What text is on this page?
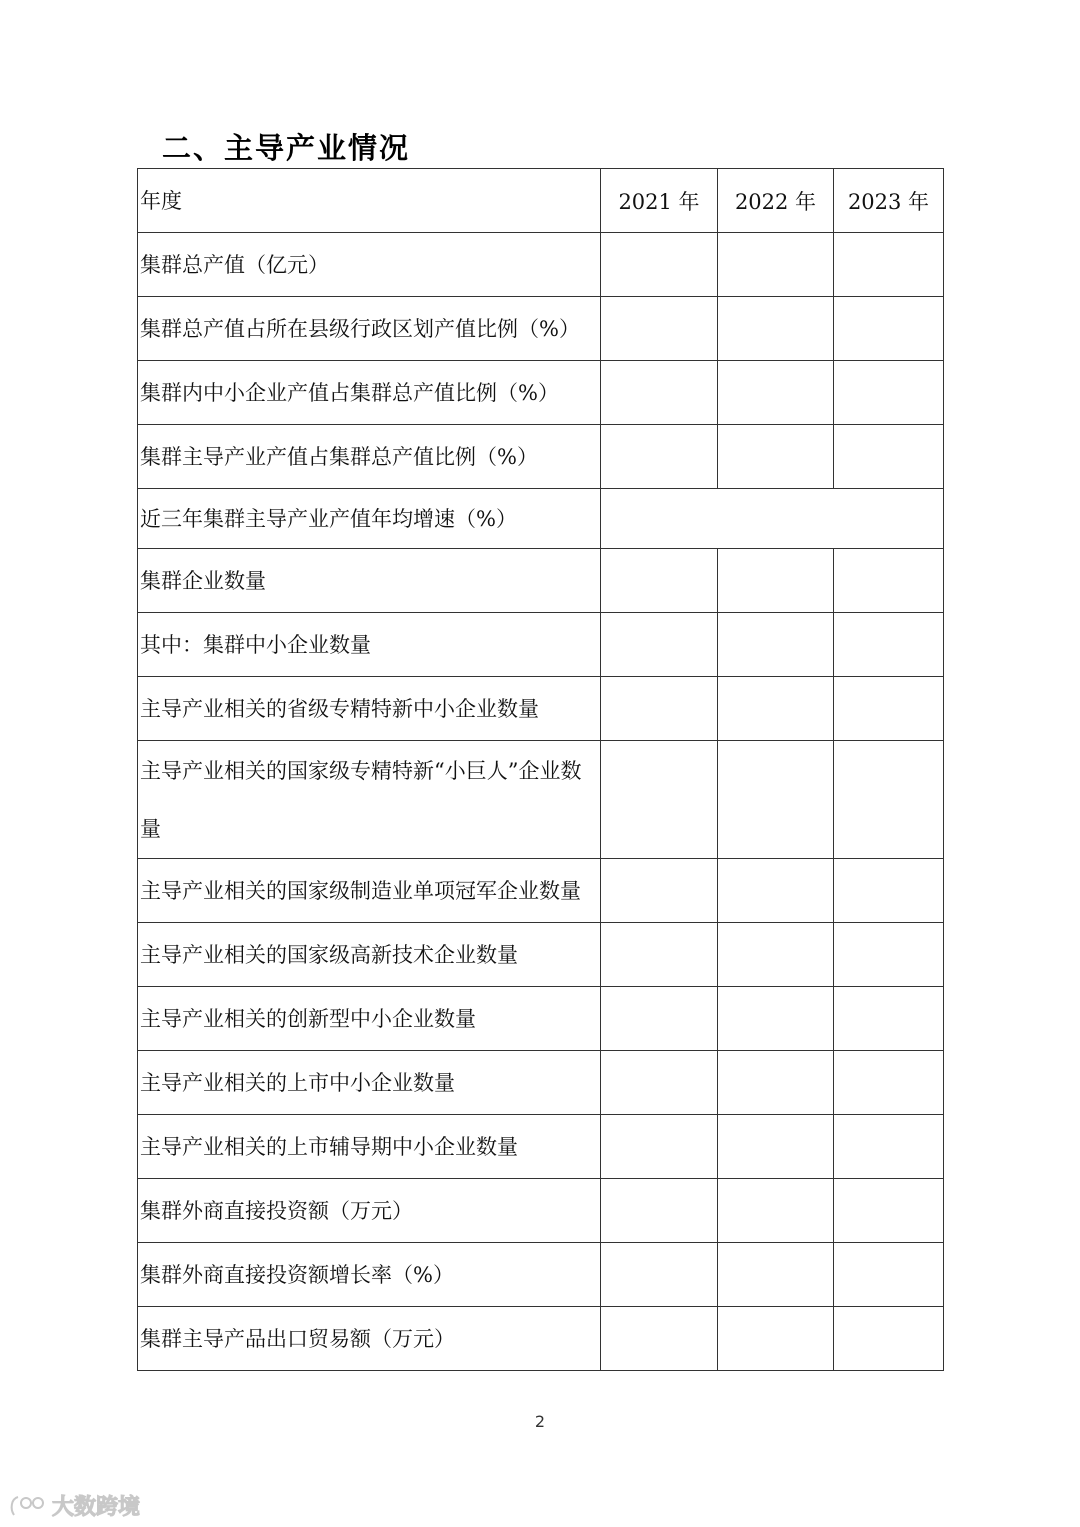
二、主导产业情况
年度	2021 年	2022 年	2023 年
集群总产值（亿元）			
集群总产值占所在县级行政区划产值比例（%）			
集群内中小企业产值占集群总产值比例（%）			
集群主导产业产值占集群总产值比例（%）			
近三年集群主导产业产值年均增速（%）			
集群企业数量			
其中：集群中小企业数量			
主导产业相关的省级专精特新中小企业数量			
主导产业相关的国家级专精特新“小巨人”企业数量			
主导产业相关的国家级制造业单项冠军企业数量			
主导产业相关的国家级高新技术企业数量			
主导产业相关的创新型中小企业数量			
主导产业相关的上市中小企业数量			
主导产业相关的上市辅导期中小企业数量			
集群外商直接投资额（万元）			
集群外商直接投资额增长率（%）			
集群主导产品出口贸易额（万元）			
2
大数跨境
